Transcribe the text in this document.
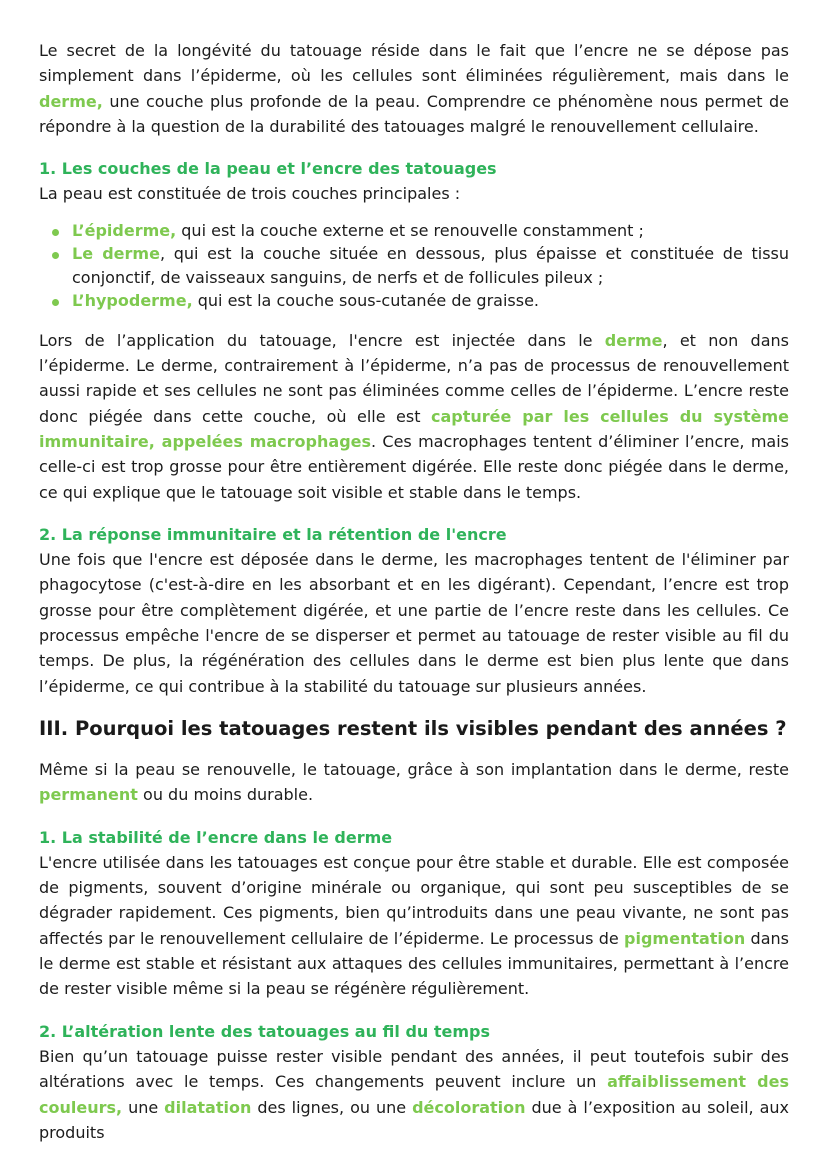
Le secret de la longévité du tatouage réside dans le fait que l’encre ne se dépose pas simplement dans l’épiderme, où les cellules sont éliminées régulièrement, mais dans le derme, une couche plus profonde de la peau. Comprendre ce phénomène nous permet de répondre à la question de la durabilité des tatouages malgré le renouvellement cellulaire.

1. Les couches de la peau et l’encre des tatouages

La peau est constituée de trois couches principales :

L’épiderme, qui est la couche externe et se renouvelle constamment ;
Le derme, qui est la couche située en dessous, plus épaisse et constituée de tissu conjonctif, de vaisseaux sanguins, de nerfs et de follicules pileux ;
L’hypoderme, qui est la couche sous-cutanée de graisse.

Lors de l’application du tatouage, l'encre est injectée dans le derme, et non dans l’épiderme. Le derme, contrairement à l’épiderme, n’a pas de processus de renouvellement aussi rapide et ses cellules ne sont pas éliminées comme celles de l’épiderme. L’encre reste donc piégée dans cette couche, où elle est capturée par les cellules du système immunitaire, appelées macrophages. Ces macrophages tentent d’éliminer l’encre, mais celle-ci est trop grosse pour être entièrement digérée. Elle reste donc piégée dans le derme, ce qui explique que le tatouage soit visible et stable dans le temps.

2. La réponse immunitaire et la rétention de l'encre

Une fois que l'encre est déposée dans le derme, les macrophages tentent de l'éliminer par phagocytose (c'est-à-dire en les absorbant et en les digérant). Cependant, l’encre est trop grosse pour être complètement digérée, et une partie de l’encre reste dans les cellules. Ce processus empêche l'encre de se disperser et permet au tatouage de rester visible au fil du temps. De plus, la régénération des cellules dans le derme est bien plus lente que dans l’épiderme, ce qui contribue à la stabilité du tatouage sur plusieurs années.

III. Pourquoi les tatouages restent ils visibles pendant des années ?

Même si la peau se renouvelle, le tatouage, grâce à son implantation dans le derme, reste permanent ou du moins durable.

1. La stabilité de l’encre dans le derme

L'encre utilisée dans les tatouages est conçue pour être stable et durable. Elle est composée de pigments, souvent d’origine minérale ou organique, qui sont peu susceptibles de se dégrader rapidement. Ces pigments, bien qu’introduits dans une peau vivante, ne sont pas affectés par le renouvellement cellulaire de l’épiderme. Le processus de pigmentation dans le derme est stable et résistant aux attaques des cellules immunitaires, permettant à l’encre de rester visible même si la peau se régénère régulièrement.

2. L’altération lente des tatouages au fil du temps

Bien qu’un tatouage puisse rester visible pendant des années, il peut toutefois subir des altérations avec le temps. Ces changements peuvent inclure un affaiblissement des couleurs, une dilatation des lignes, ou une décoloration due à l’exposition au soleil, aux produits
